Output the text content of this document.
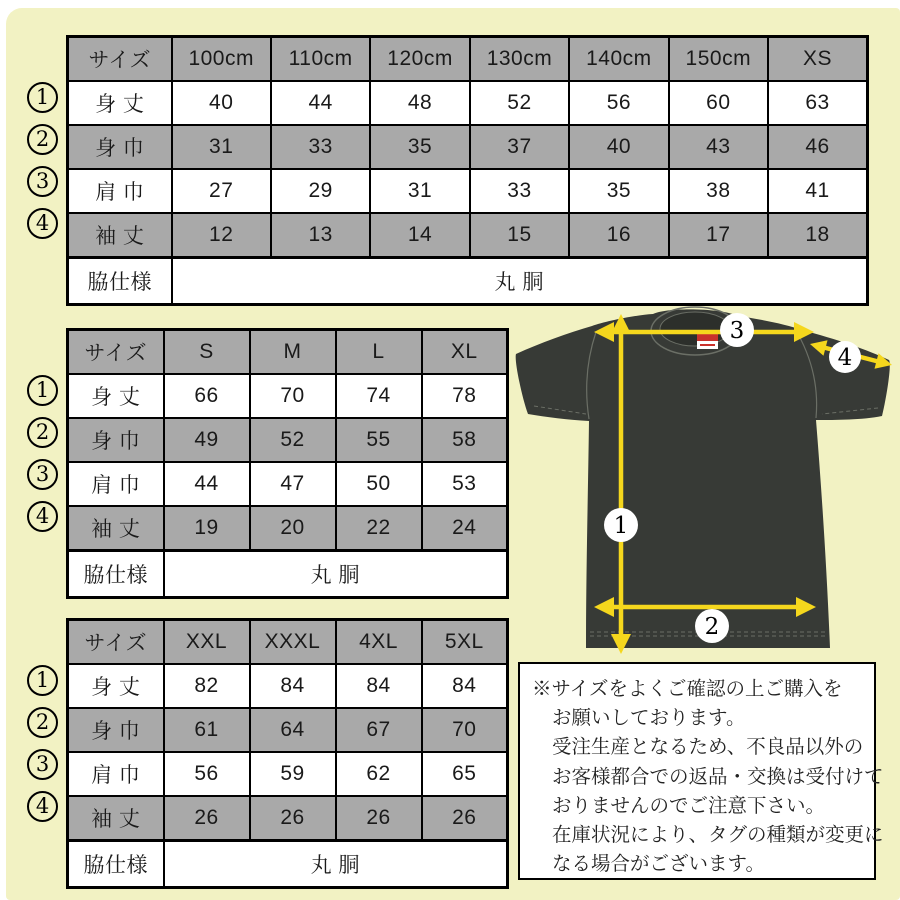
サイズ	100cm	110cm	120cm	130cm	140cm	150cm	XS
身 丈	40	44	48	52	56	60	63
身 巾	31	33	35	37	40	43	46
肩 巾	27	29	31	33	35	38	41
袖 丈	12	13	14	15	16	17	18
脇仕様	丸 胴						
サイズ	S	M	L	XL
身 丈	66	70	74	78
身 巾	49	52	55	58
肩 巾	44	47	50	53
袖 丈	19	20	22	24
脇仕様	丸 胴			
サイズ	XXL	XXXL	4XL	5XL
身 丈	82	84	84	84
身 巾	61	64	67	70
肩 巾	56	59	62	65
袖 丈	26	26	26	26
脇仕様	丸 胴			
1
2
3
4
1
2
3
4
1
2
3
4
1
2
3
4
※サイズをよくご確認の上ご購入を
お願いしております。
受注生産となるため、不良品以外の
お客様都合での返品・交換は受付けて
おりませんのでご注意下さい。
在庫状況により、タグの種類が変更に
なる場合がございます。
